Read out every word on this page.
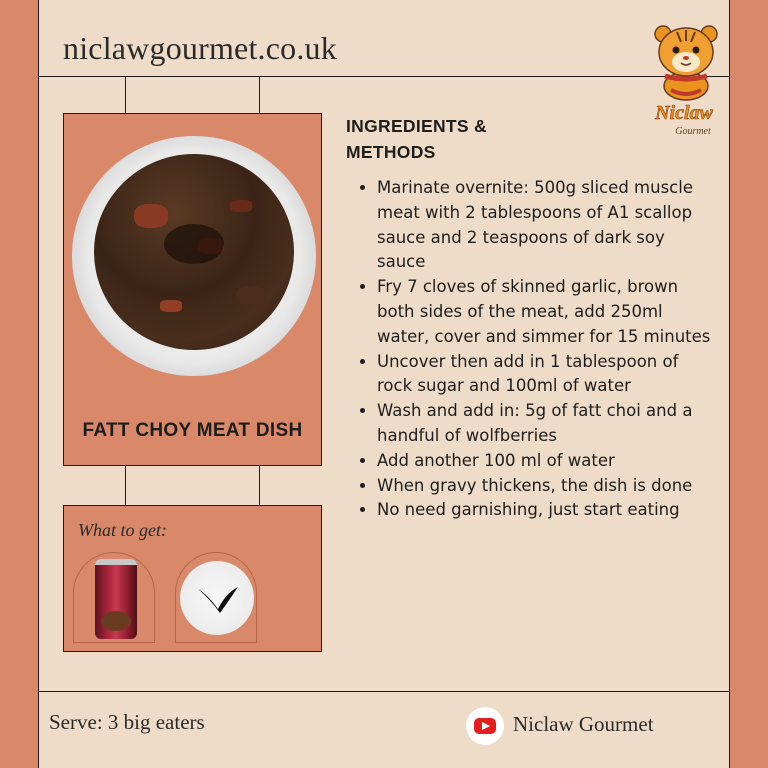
niclawgourmet.co.uk
Niclaw
Gourmet
FATT CHOY MEAT DISH
What to get:
INGREDIENTS &
METHODS
• Marinate overnite: 500g sliced muscle meat with 2 tablespoons of A1 scallop sauce and 2 teaspoons of dark soy sauce
• Fry 7 cloves of skinned garlic, brown both sides of the meat, add 250ml water, cover and simmer for 15 minutes
• Uncover then add in 1 tablespoon of rock sugar and 100ml of water
• Wash and add in: 5g of fatt choi and a handful of wolfberries
• Add another 100 ml of water
• When gravy thickens, the dish is done
• No need garnishing, just start eating
Serve: 3 big eaters	Niclaw Gourmet
